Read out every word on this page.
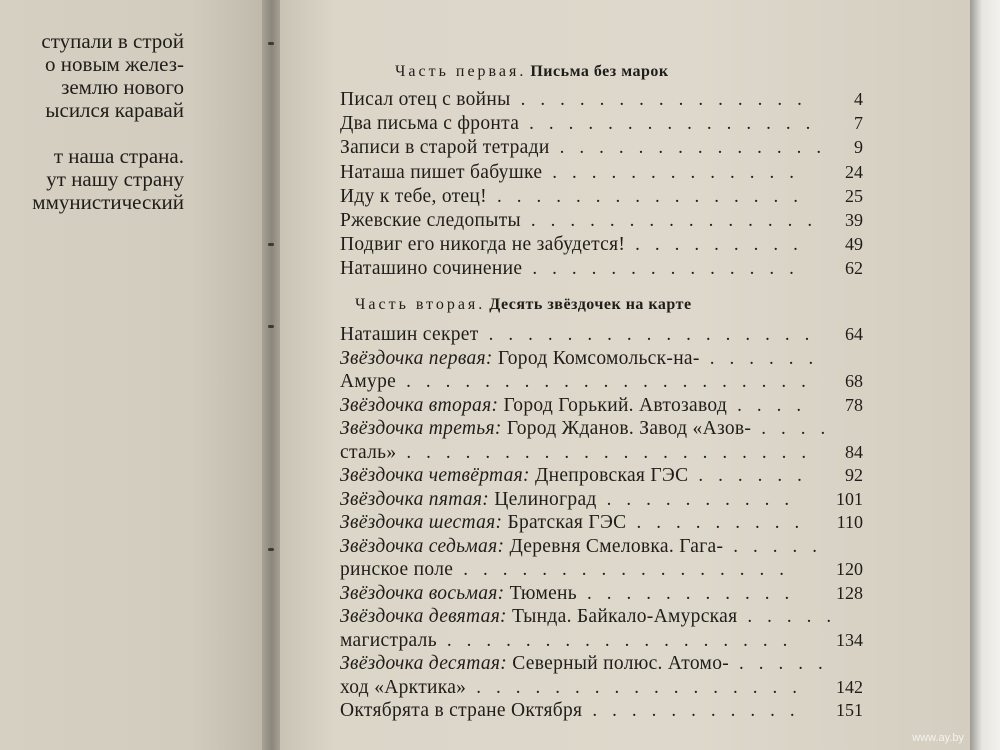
ступали в строй
о новым желез-
землю нового
ысился каравай
т наша страна.
ут нашу страну
ммунистический
Часть первая. Письма без марок
Писал отец с войны	4
...............
Два письма с фронта	7
...............
Записи в старой тетради	9
..............
Наташа пишет бабушке	24
.............
Иду к тебе, отец!	25
................
Ржевские следопыты	39
...............
Подвиг его никогда не забудется!	49
.........
Наташино сочинение	62
..............
Часть вторая. Десять звёздочек на карте
Наташин секрет	64
.................
Звёздочка первая: Город Комсомольск-на- ......
Амуре	68
.....................
Звёздочка вторая: Город Горький. Автозавод	78
....
Звёздочка третья: Город Жданов. Завод «Азов- ....
сталь»	84
.....................
Звёздочка четвёртая: Днепровская ГЭС	92
......
Звёздочка пятая: Целиноград	101
..........
Звёздочка шестая: Братская ГЭС	110
.........
Звёздочка седьмая: Деревня Смеловка. Гага- .....
ринское поле	120
.................
Звёздочка восьмая: Тюмень	128
...........
Звёздочка девятая: Тында. Байкало-Амурская .....
магистраль	134
..................
Звёздочка десятая: Северный полюс. Атомо- .....
ход «Арктика»	142
.................
Октябрята в стране Октября	151
...........
www.ay.by
